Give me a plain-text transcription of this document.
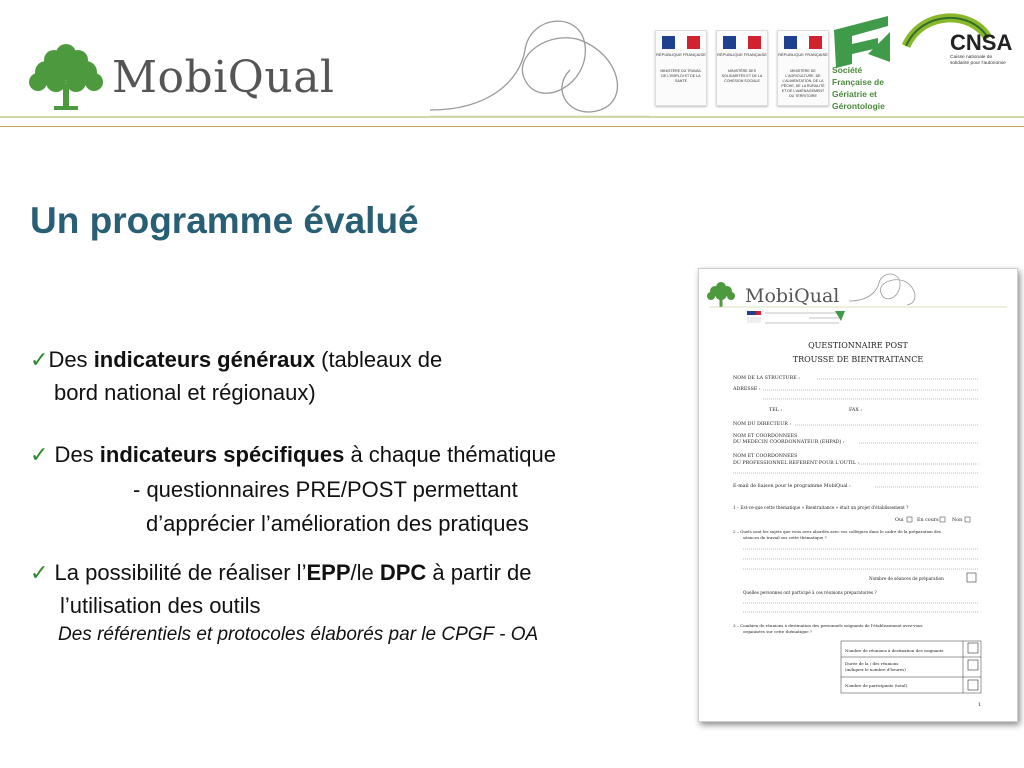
MobiQual	RÉPUBLIQUE FRANÇAISE
MINISTÈRE DU TRAVAIL DE L'EMPLOI ET DE LA SANTÉ
RÉPUBLIQUE FRANÇAISE
MINISTÈRE DES SOLIDARITÉS ET DE LA COHÉSION SOCIALE
RÉPUBLIQUE FRANÇAISE
MINISTÈRE DE L'AGRICULTURE, DE L'ALIMENTATION, DE LA PÊCHE, DE LA RURALITÉ ET DE L'AMÉNAGEMENT DU TERRITOIRE
Société
Française de
Gériatrie et
Gérontologie
CNSA
Caisse nationale de
solidarité pour l'autonomie
Un programme évalué

✓Des indicateurs généraux (tableaux de

bord national et régionaux)

✓ Des indicateurs spécifiques à chaque thématique

- questionnaires PRE/POST permettant

d’apprécier l’amélioration des pratiques

✓ La possibilité de réaliser l’EPP/le DPC à partir de

l’utilisation des outils

Des référentiels et protocoles élaborés par le CPGF - OA

MobiQual
QUESTIONNAIRE POST
TROUSSE DE BIENTRAITANCE
NOM DE LA STRUCTURE :
ADRESSE :
TEL :	FAX :
NOM DU DIRECTEUR :
NOM ET COORDONNEES
DU MEDECIN COORDONNATEUR (EHPAD) :
NOM ET COORDONNEES
DU PROFESSIONNEL REFERENT POUR L'OUTIL :
E-mail de liaison pour le programme MobiQual :
1 – Est-ce-que cette thématique « Bientraitance » était un projet d'établissement ?
Oui	En cours	Non
2 – Quels sont les sujets que vous avez abordés avec vos collègues dans le cadre de la préparation des
séances de travail sur cette thématique ?
Nombre de séances de préparation
Quelles personnes ont participé à ces réunions préparatoires ?
3 – Combien de réunions à destination des personnels soignants de l'établissement avez-vous
organisées sur cette thématique ?
Nombre de réunions à destination des soignants
Durée de la / des réunions
(indiquer le nombre d'heures)
Nombre de participants (total)
1
